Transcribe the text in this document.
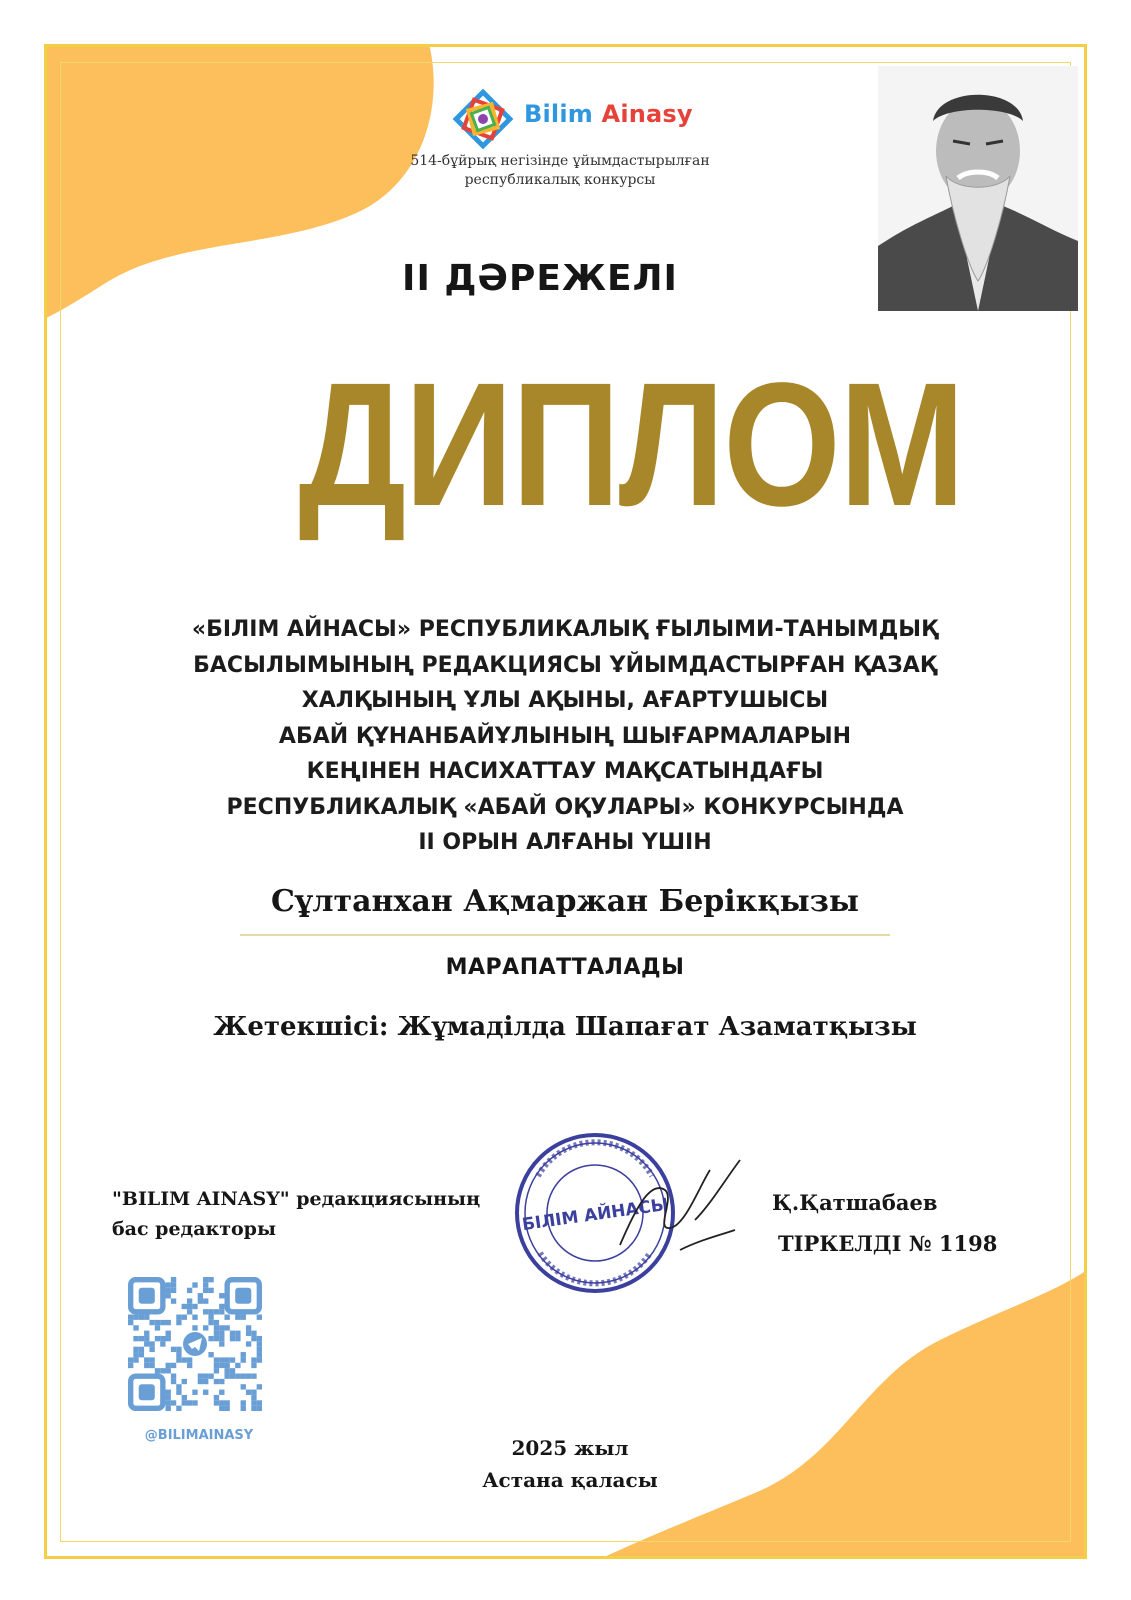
Bilim Ainasy
514-бұйрық негізінде ұйымдастырылған
республикалық конкурсы
ІІ ДӘРЕЖЕЛІ
ДИПЛОМ
«БІЛІМ АЙНАСЫ» РЕСПУБЛИКАЛЫҚ ҒЫЛЫМИ-ТАНЫМДЫҚ
БАСЫЛЫМЫНЫҢ РЕДАКЦИЯСЫ ҰЙЫМДАСТЫРҒАН ҚАЗАҚ
ХАЛҚЫНЫҢ ҰЛЫ АҚЫНЫ, АҒАРТУШЫСЫ
АБАЙ ҚҰНАНБАЙҰЛЫНЫҢ ШЫҒАРМАЛАРЫН
КЕҢІНЕН НАСИХАТТАУ МАҚСАТЫНДАҒЫ
РЕСПУБЛИКАЛЫҚ «АБАЙ ОҚУЛАРЫ» КОНКУРСЫНДА
ІІ ОРЫН АЛҒАНЫ ҮШІН
Сұлтанхан Ақмаржан Берікқызы
МАРАПАТТАЛАДЫ
Жетекшісі: Жұмаділда Шапағат Азаматқызы
"BILIM AINASY" редакциясының
бас редакторы	БІЛІМ АЙНАСЫ	Қ.Қатшабаев
ТІРКЕЛДІ № 1198
@BILIMAINASY
2025 жыл
Астана қаласы
